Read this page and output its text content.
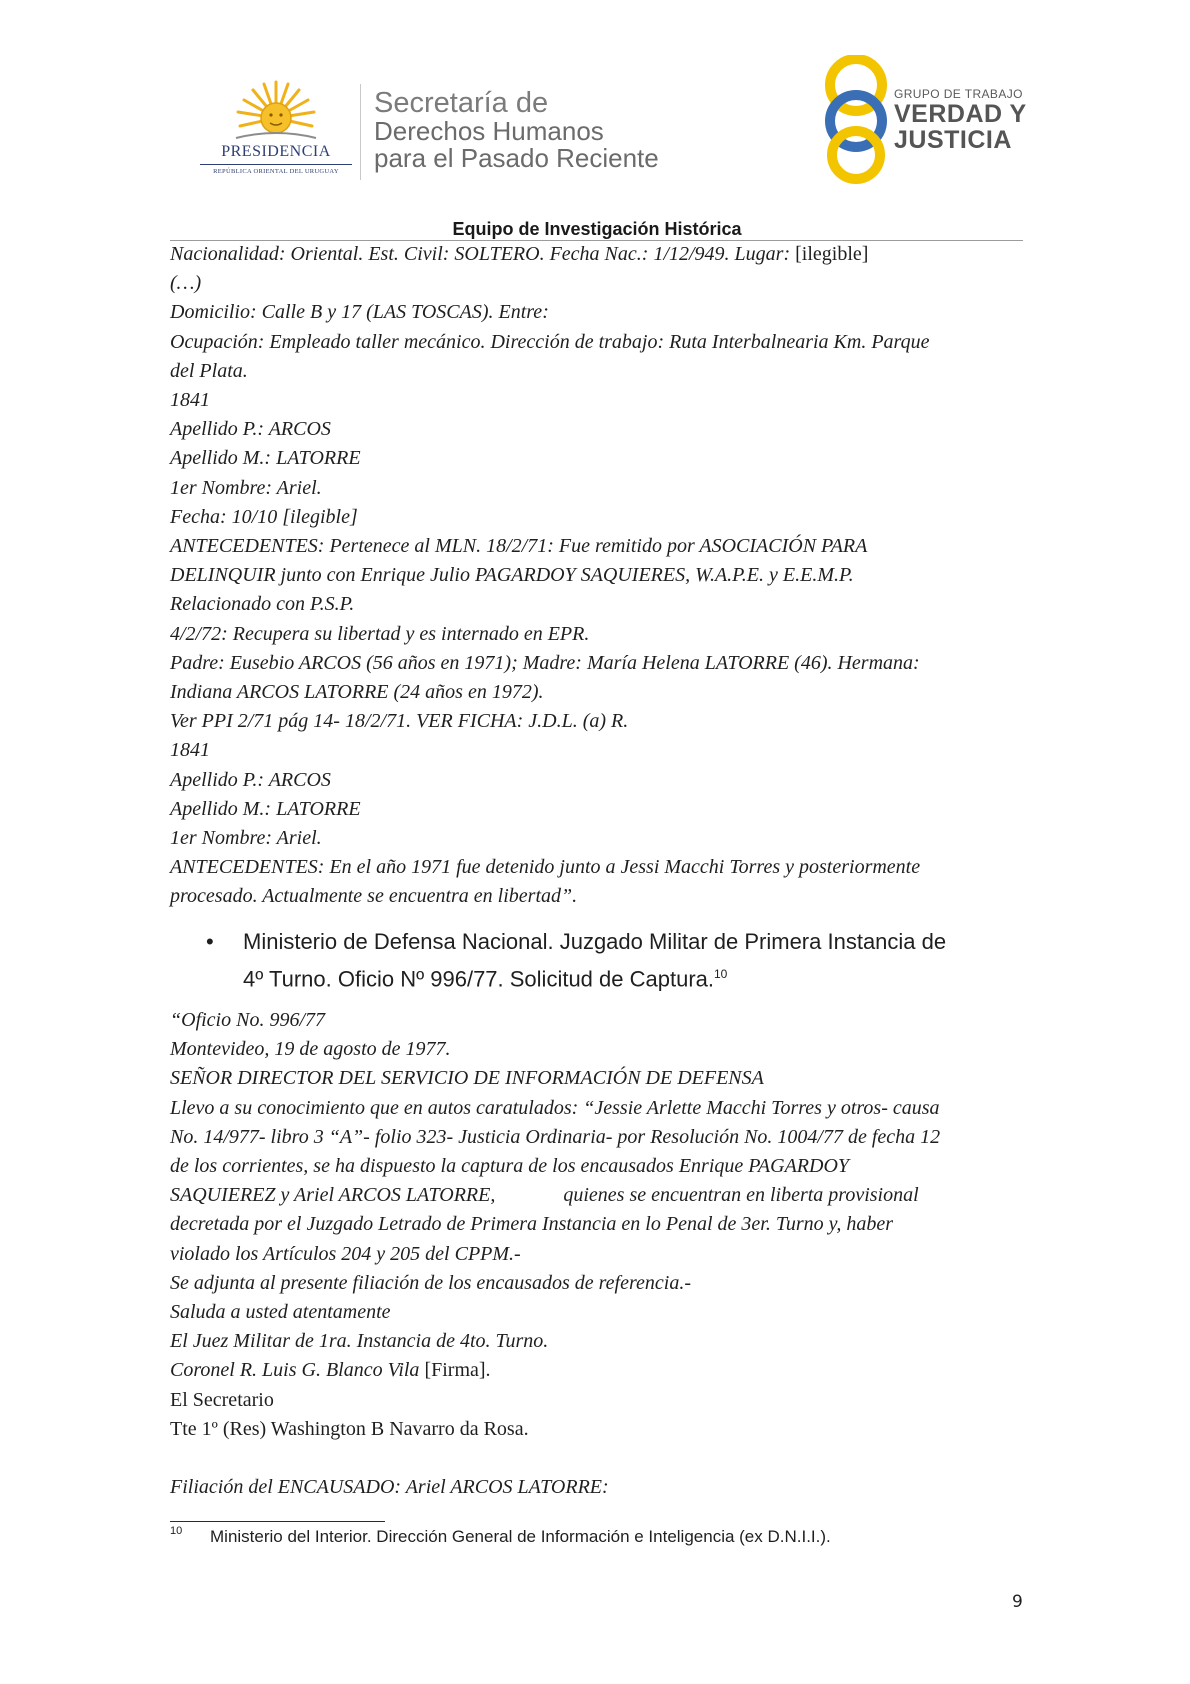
PRESIDENCIA
REPÚBLICA ORIENTAL DEL URUGUAY
Secretaría de
Derechos Humanos
para el Pasado Reciente
GRUPO DE TRABAJO
VERDAD Y
JUSTICIA
Equipo de Investigación Histórica
Nacionalidad: Oriental. Est. Civil: SOLTERO. Fecha Nac.: 1/12/949. Lugar: [ilegible]
(…)
Domicilio: Calle B y 17 (LAS TOSCAS). Entre:
Ocupación: Empleado taller mecánico. Dirección de trabajo: Ruta Interbalnearia Km. Parque
del Plata.
1841
Apellido P.: ARCOS
Apellido M.: LATORRE
1er Nombre: Ariel.
Fecha: 10/10 [ilegible]
ANTECEDENTES: Pertenece al MLN. 18/2/71: Fue remitido por ASOCIACIÓN PARA
DELINQUIR junto con Enrique Julio PAGARDOY SAQUIERES, W.A.P.E. y E.E.M.P.
Relacionado con P.S.P.
4/2/72: Recupera su libertad y es internado en EPR.
Padre: Eusebio ARCOS (56 años en 1971); Madre: María Helena LATORRE (46). Hermana:
Indiana ARCOS LATORRE (24 años en 1972).
Ver PPI 2/71 pág 14- 18/2/71. VER FICHA: J.D.L. (a) R.
1841
Apellido P.: ARCOS
Apellido M.: LATORRE
1er Nombre: Ariel.
ANTECEDENTES: En el año 1971 fue detenido junto a Jessi Macchi Torres y posteriormente
procesado. Actualmente se encuentra en libertad”.
• Ministerio de Defensa Nacional. Juzgado Militar de Primera Instancia de
4º Turno. Oficio Nº 996/77. Solicitud de Captura.$^{10}$
“Oficio No. 996/77
Montevideo, 19 de agosto de 1977.
SEÑOR DIRECTOR DEL SERVICIO DE INFORMACIÓN DE DEFENSA
Llevo a su conocimiento que en autos caratulados: “Jessie Arlette Macchi Torres y otros- causa
No. 14/977- libro 3 “A”- folio 323- Justicia Ordinaria- por Resolución No. 1004/77 de fecha 12
de los corrientes, se ha dispuesto la captura de los encausados Enrique PAGARDOY
SAQUIEREZ y Ariel ARCOS LATORRE,	quienes se encuentran en liberta provisional
decretada por el Juzgado Letrado de Primera Instancia en lo Penal de 3er. Turno y, haber
violado los Artículos 204 y 205 del CPPM.-
Se adjunta al presente filiación de los encausados de referencia.-
Saluda a usted atentamente
El Juez Militar de 1ra. Instancia de 4to. Turno.
Coronel R. Luis G. Blanco Vila [Firma].
El Secretario
Tte 1º (Res) Washington B Navarro da Rosa.

Filiación del ENCAUSADO: Ariel ARCOS LATORRE:
10 Ministerio del Interior. Dirección General de Información e Inteligencia (ex D.N.I.I.).
9
